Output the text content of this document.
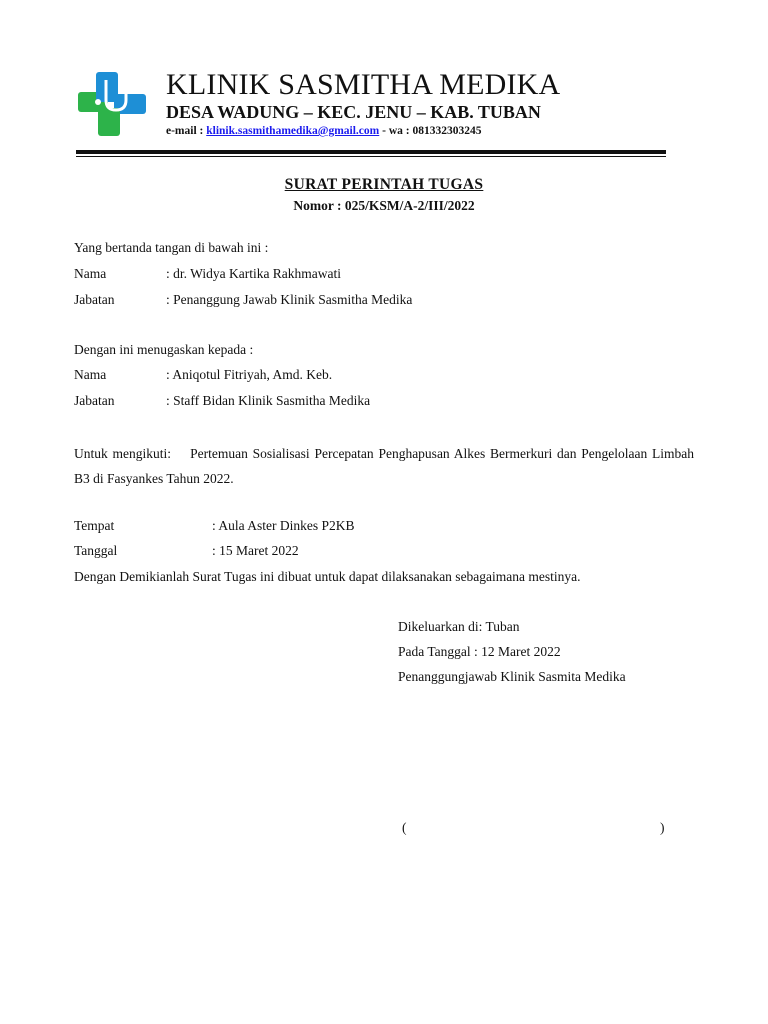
KLINIK SASMITHA MEDIKA
DESA WADUNG – KEC. JENU – KAB. TUBAN
e-mail : klinik.sasmithamedika@gmail.com - wa : 081332303245
SURAT PERINTAH TUGAS
Nomor : 025/KSM/A-2/III/2022
Yang bertanda tangan di bawah ini :
Nama	: dr. Widya Kartika Rakhmawati
Jabatan	: Penanggung Jawab Klinik Sasmitha Medika
Dengan ini menugaskan kepada :
Nama	: Aniqotul Fitriyah, Amd. Keb.
Jabatan	: Staff Bidan Klinik Sasmitha Medika
Untuk mengikuti: Pertemuan Sosialisasi Percepatan Penghapusan Alkes Bermerkuri dan Pengelolaan Limbah B3 di Fasyankes Tahun 2022.
Tempat	: Aula Aster Dinkes P2KB
Tanggal	: 15 Maret 2022
Dengan Demikianlah Surat Tugas ini dibuat untuk dapat dilaksanakan sebagaimana mestinya.
Dikeluarkan di: Tuban
Pada Tanggal : 12 Maret 2022
Penanggungjawab Klinik Sasmita Medika
(	)
